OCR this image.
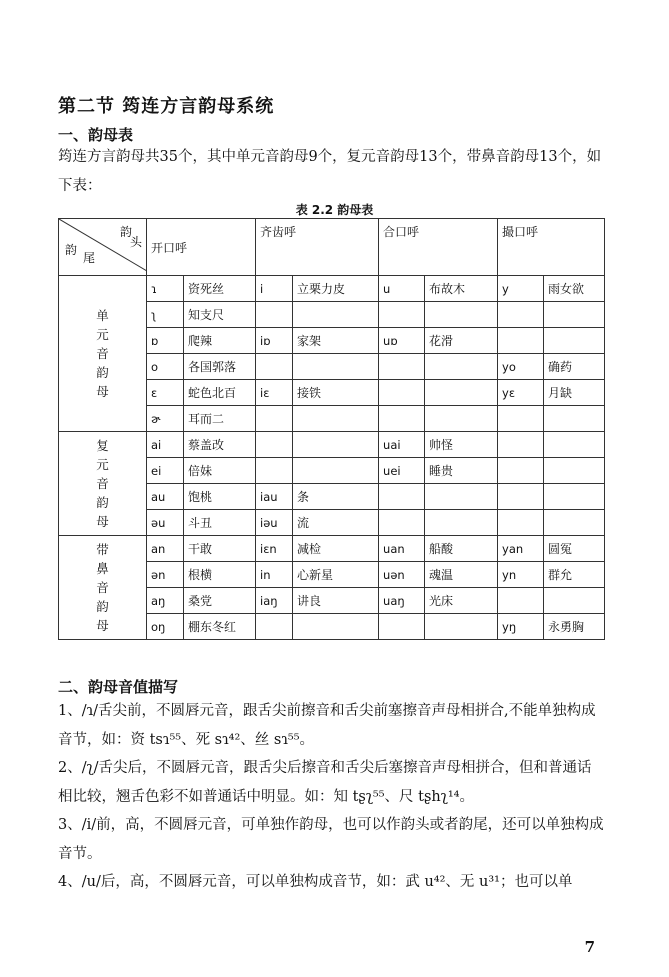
第二节 筠连方言韵母系统
一、韵母表
筠连方言韵母共35个，其中单元音韵母9个，复元音韵母13个，带鼻音韵母13个，如下表：
表 2.2 韵母表
韵
头
韵
尾	开口呼		齐齿呼		合口呼		撮口呼	
单元音韵母	ɿ	资死丝	i	立栗力皮	u	布故木	y	雨女欲
	ʅ	知支尺						
	ɒ	爬辣	iɒ	家架	uɒ	花滑		
	o	各国郭落					yo	确药
	ɛ	蛇色北百	iɛ	接铁			yɛ	月缺
	ɚ	耳而二						
复元音韵母	ai	蔡盖改			uai	帅怪		
	ei	倍妹			uei	睡贵		
	au	饱桃	iau	条				
	əu	斗丑	iəu	流				
带鼻音韵母	an	干敢	iɛn	减检	uan	船酸	yan	圆冤
	ən	根横	in	心新星	uən	魂温	yn	群允
	aŋ	桑党	iaŋ	讲良	uaŋ	光床		
	oŋ	棚东冬红					yŋ	永勇胸
二、韵母音值描写
1、/ɿ/舌尖前，不圆唇元音，跟舌尖前擦音和舌尖前塞擦音声母相拼合,不能单独构成音节，如：资 tsɿ⁵⁵、死 sɿ⁴²、丝 sɿ⁵⁵。
2、/ʅ/舌尖后，不圆唇元音，跟舌尖后擦音和舌尖后塞擦音声母相拼合，但和普通话相比较，翘舌色彩不如普通话中明显。如：知 tʂʅ⁵⁵、尺 tʂhʅ¹⁴。
3、/i/前，高，不圆唇元音，可单独作韵母，也可以作韵头或者韵尾，还可以单独构成音节。
4、/u/后，高，不圆唇元音，可以单独构成音节，如：武 u⁴²、无 u³¹；也可以单
7
